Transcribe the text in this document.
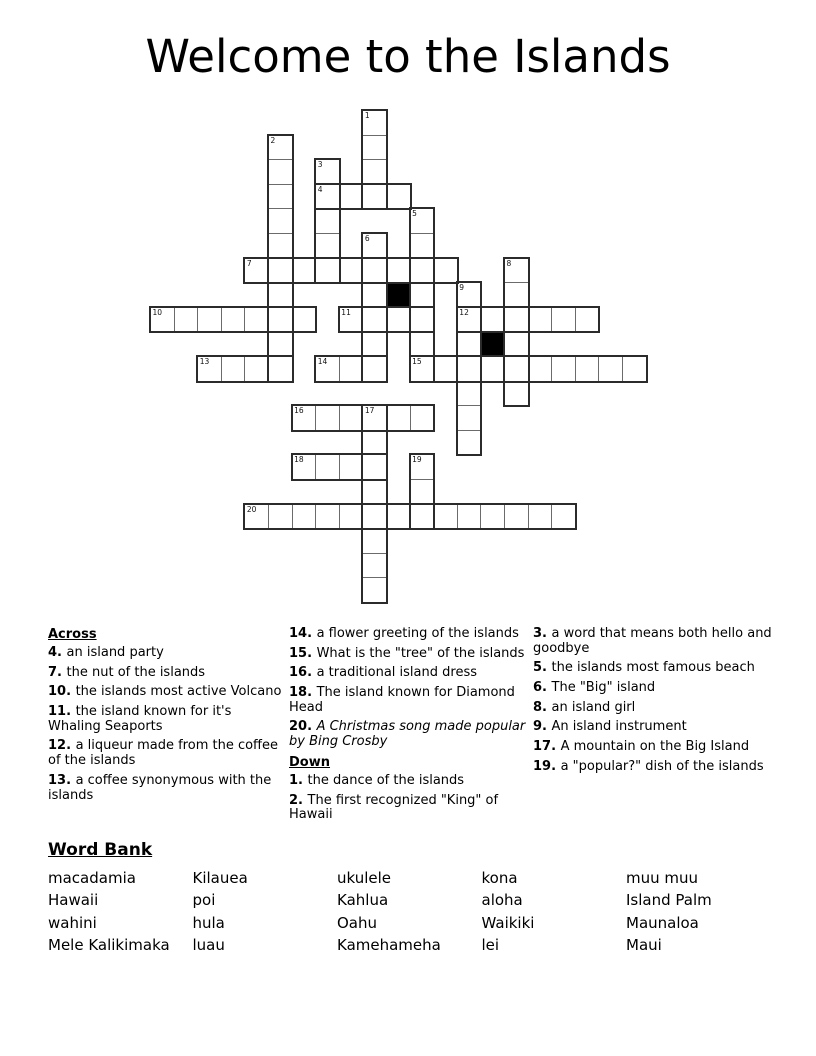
Welcome to the Islands
1
2
3
4
5
15
6
7	8
9
12
10	11
13	14
16	17
18	19
20
Across
4. an island party
7. the nut of the islands
10. the islands most active Volcano
11. the island known for it's Whaling Seaports
12. a liqueur made from the coffee of the islands
13. a coffee synonymous with the islands
14. a flower greeting of the islands
15. What is the "tree" of the islands
16. a traditional island dress
18. The island known for Diamond Head
20. A Christmas song made popular by Bing Crosby
Down
1. the dance of the islands
2. The first recognized "King" of Hawaii
3. a word that means both hello and goodbye
5. the islands most famous beach
6. The "Big" island
8. an island girl
9. An island instrument
17. A mountain on the Big Island
19. a "popular?" dish of the islands
Word Bank
macadamia
Hawaii
wahini
Mele Kalikimaka
Kilauea
poi
hula
luau
ukulele
Kahlua
Oahu
Kamehameha
kona
aloha
Waikiki
lei
muu muu
Island Palm
Maunaloa
Maui
